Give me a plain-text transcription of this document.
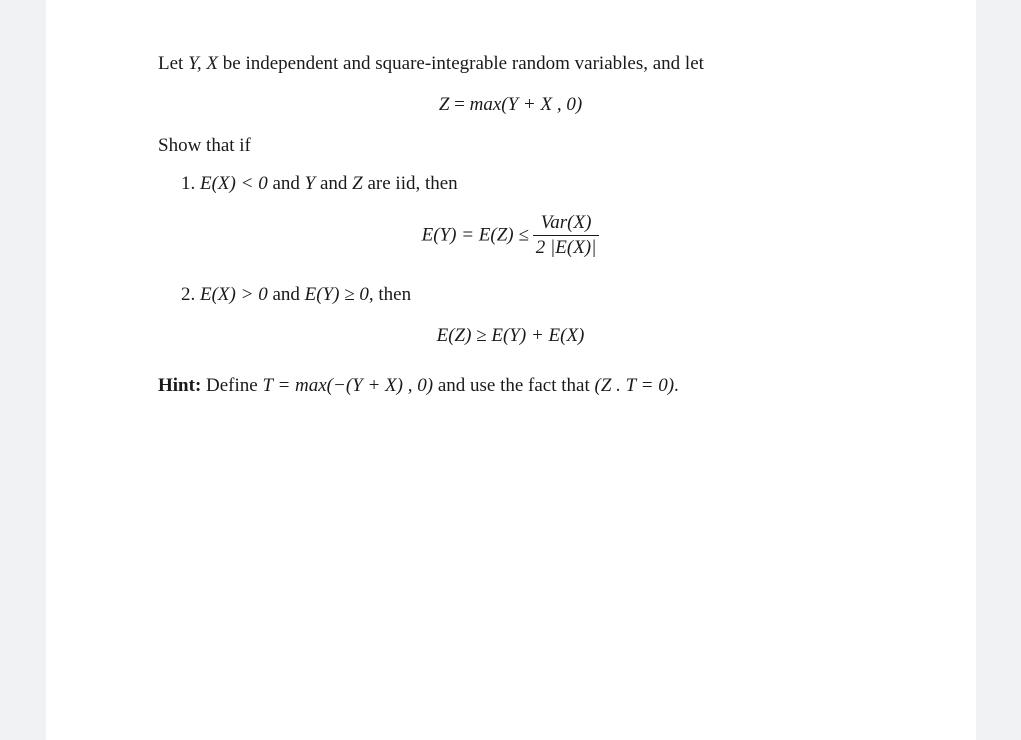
Let Y, X be independent and square-integrable random variables, and let
Z = max(Y + X , 0)
Show that if
1. E(X) < 0 and Y and Z are iid, then
$E(Y) = E(Z) \le \frac{\text{Var(X)}}{2 |E(X)|}$
2. E(X) > 0 and E(Y) ≥ 0, then
E(Z) ≥ E(Y) + E(X)
Hint: Define T = max(−(Y + X) , 0) and use the fact that (Z . T = 0).
